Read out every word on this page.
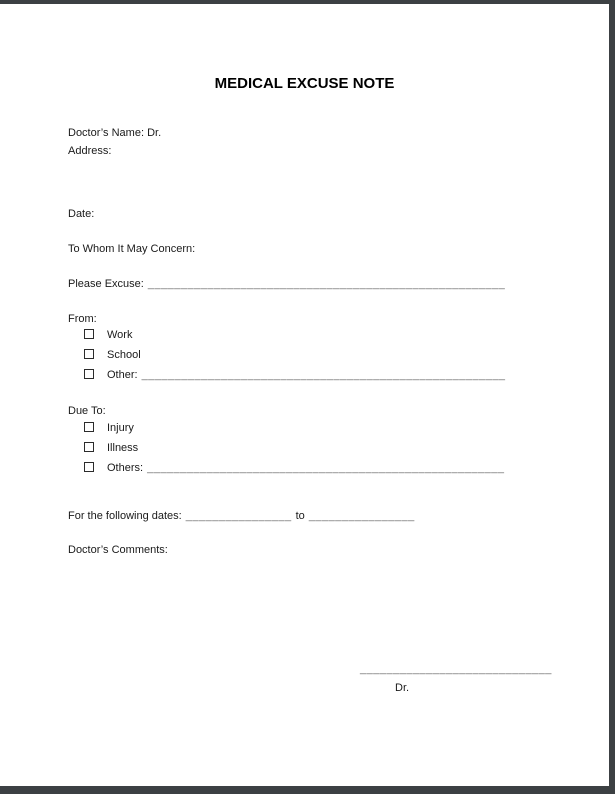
MEDICAL EXCUSE NOTE
Doctor’s Name: Dr.
Address:
Date:
To Whom It May Concern:
Please Excuse: ______________________________________________________
From:
Work
School
Other: _______________________________________________________
Due To:
Injury
Illness
Others: ______________________________________________________
For the following dates: ________________ to ________________
Doctor’s Comments:
_____________________________
Dr.
